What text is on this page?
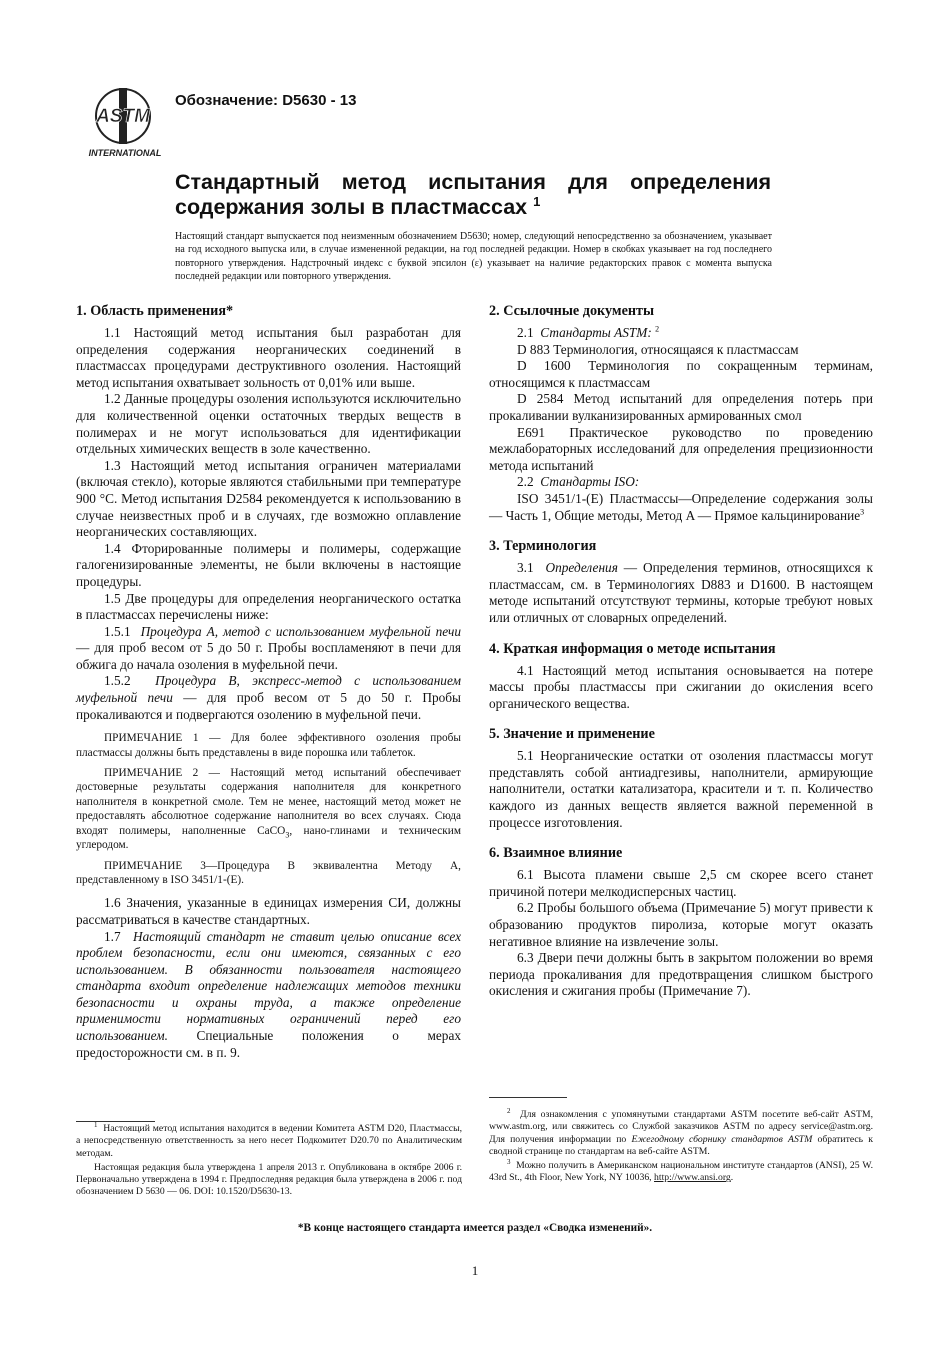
ASTM
INTERNATIONAL
Обозначение: D5630 - 13
Стандартный метод испытания для определения содержания золы в пластмассах $^1$
Настоящий стандарт выпускается под неизменным обозначением D5630; номер, следующий непосредственно за обозначением, указывает на год исходного выпуска или, в случае измененной редакции, на год последней редакции. Номер в скобках указывает на год последнего повторного утверждения. Надстрочный индекс с буквой эпсилон (ε) указывает на наличие редакторских правок с момента выпуска последней редакции или повторного утверждения.
1. Область применения*

1.1 Настоящий метод испытания был разработан для определения содержания неорганических соединений в пластмассах процедурами деструктивного озоления. Настоящий метод испытания охватывает зольность от 0,01% или выше.

1.2 Данные процедуры озоления используются исключительно для количественной оценки остаточных твердых веществ в полимерах и не могут использоваться для идентификации отдельных химических веществ в золе качественно.

1.3 Настоящий метод испытания ограничен материалами (включая стекло), которые являются стабильными при температуре 900 °C. Метод испытания D2584 рекомендуется к использованию в случае неизвестных проб и в случаях, где возможно оплавление неорганических составляющих.

1.4 Фторированные полимеры и полимеры, содержащие галогенизированные элементы, не были включены в настоящие процедуры.

1.5 Две процедуры для определения неорганического остатка в пластмассах перечислены ниже:

1.5.1 Процедура A, метод с использованием муфельной печи — для проб весом от 5 до 50 г. Пробы воспламеняют в печи для обжига до начала озоления в муфельной печи.

1.5.2 Процедура B, экспресс-метод с использованием муфельной печи — для проб весом от 5 до 50 г. Пробы прокаливаются и подвергаются озолению в муфельной печи.

ПРИМЕЧАНИЕ 1 — Для более эффективного озоления пробы пластмассы должны быть представлены в виде порошка или таблеток.

ПРИМЕЧАНИЕ 2 — Настоящий метод испытаний обеспечивает достоверные результаты содержания наполнителя для конкретного наполнителя в конкретной смоле. Тем не менее, настоящий метод может не предоставлять абсолютное содержание наполнителя во всех случаях. Сюда входят полимеры, наполненные CaCO$_3$, нано-глинами и техническим углеродом.

ПРИМЕЧАНИЕ 3—Процедура B эквивалентна Методу A, представленному в ISO 3451/1-(E).

1.6 Значения, указанные в единицах измерения СИ, должны рассматриваться в качестве стандартных.

1.7 Настоящий стандарт не ставит целью описание всех проблем безопасности, если они имеются, связанных с его использованием. В обязанности пользователя настоящего стандарта входит определение надлежащих методов техники безопасности и охраны труда, а также определение применимости нормативных ограничений перед его использованием. Специальные положения о мерах предосторожности см. в п. 9.

2. Ссылочные документы

2.1 Стандарты ASTM: $^2$

D 883 Терминология, относящаяся к пластмассам

D 1600 Терминология по сокращенным терминам, относящимся к пластмассам

D 2584 Метод испытаний для определения потерь при прокаливании вулканизированных армированных смол

E691 Практическое руководство по проведению межлабораторных исследований для определения прецизионности метода испытаний

2.2 Стандарты ISO:

ISO 3451/1-(E) Пластмассы—Определение содержания золы — Часть 1, Общие методы, Метод A — Прямое кальцинирование$^3$

3. Терминология

3.1 Определения — Определения терминов, относящихся к пластмассам, см. в Терминологиях D883 и D1600. В настоящем методе испытаний отсутствуют термины, которые требуют новых или отличных от словарных определений.

4. Краткая информация о методе испытания

4.1 Настоящий метод испытания основывается на потере массы пробы пластмассы при сжигании до окисления всего органического вещества.

5. Значение и применение

5.1 Неорганические остатки от озоления пластмассы могут представлять собой антиадгезивы, наполнители, армирующие наполнители, остатки катализатора, красители и т. п. Количество каждого из данных веществ является важной переменной в процессе изготовления.

6. Взаимное влияние

6.1 Высота пламени свыше 2,5 см скорее всего станет причиной потери мелкодисперсных частиц.

6.2 Пробы большого объема (Примечание 5) могут привести к образованию продуктов пиролиза, которые могут оказать негативное влияние на извлечение золы.

6.3 Двери печи должны быть в закрытом положении во время периода прокаливания для предотвращения слишком быстрого окисления и сжигания пробы (Примечание 7).

$^1$ Настоящий метод испытания находится в ведении Комитета ASTM D20, Пластмассы, а непосредственную ответственность за него несет Подкомитет D20.70 по Аналитическим методам.

Настоящая редакция была утверждена 1 апреля 2013 г. Опубликована в октябре 2006 г. Первоначально утверждена в 1994 г. Предпоследняя редакция была утверждена в 2006 г. под обозначением D 5630 — 06. DOI: 10.1520/D5630-13.

$^2$ Для ознакомления с упомянутыми стандартами ASTM посетите веб-сайт ASTM, www.astm.org, или свяжитесь со Службой заказчиков ASTM по адресу service@astm.org. Для получения информации по Ежегодному сборнику стандартов ASTM обратитесь к сводной странице по стандартам на веб-сайте ASTM.

$^3$ Можно получить в Американском национальном институте стандартов (ANSI), 25 W. 43rd St., 4th Floor, New York, NY 10036, http://www.ansi.org.

*В конце настоящего стандарта имеется раздел «Сводка изменений».
1
